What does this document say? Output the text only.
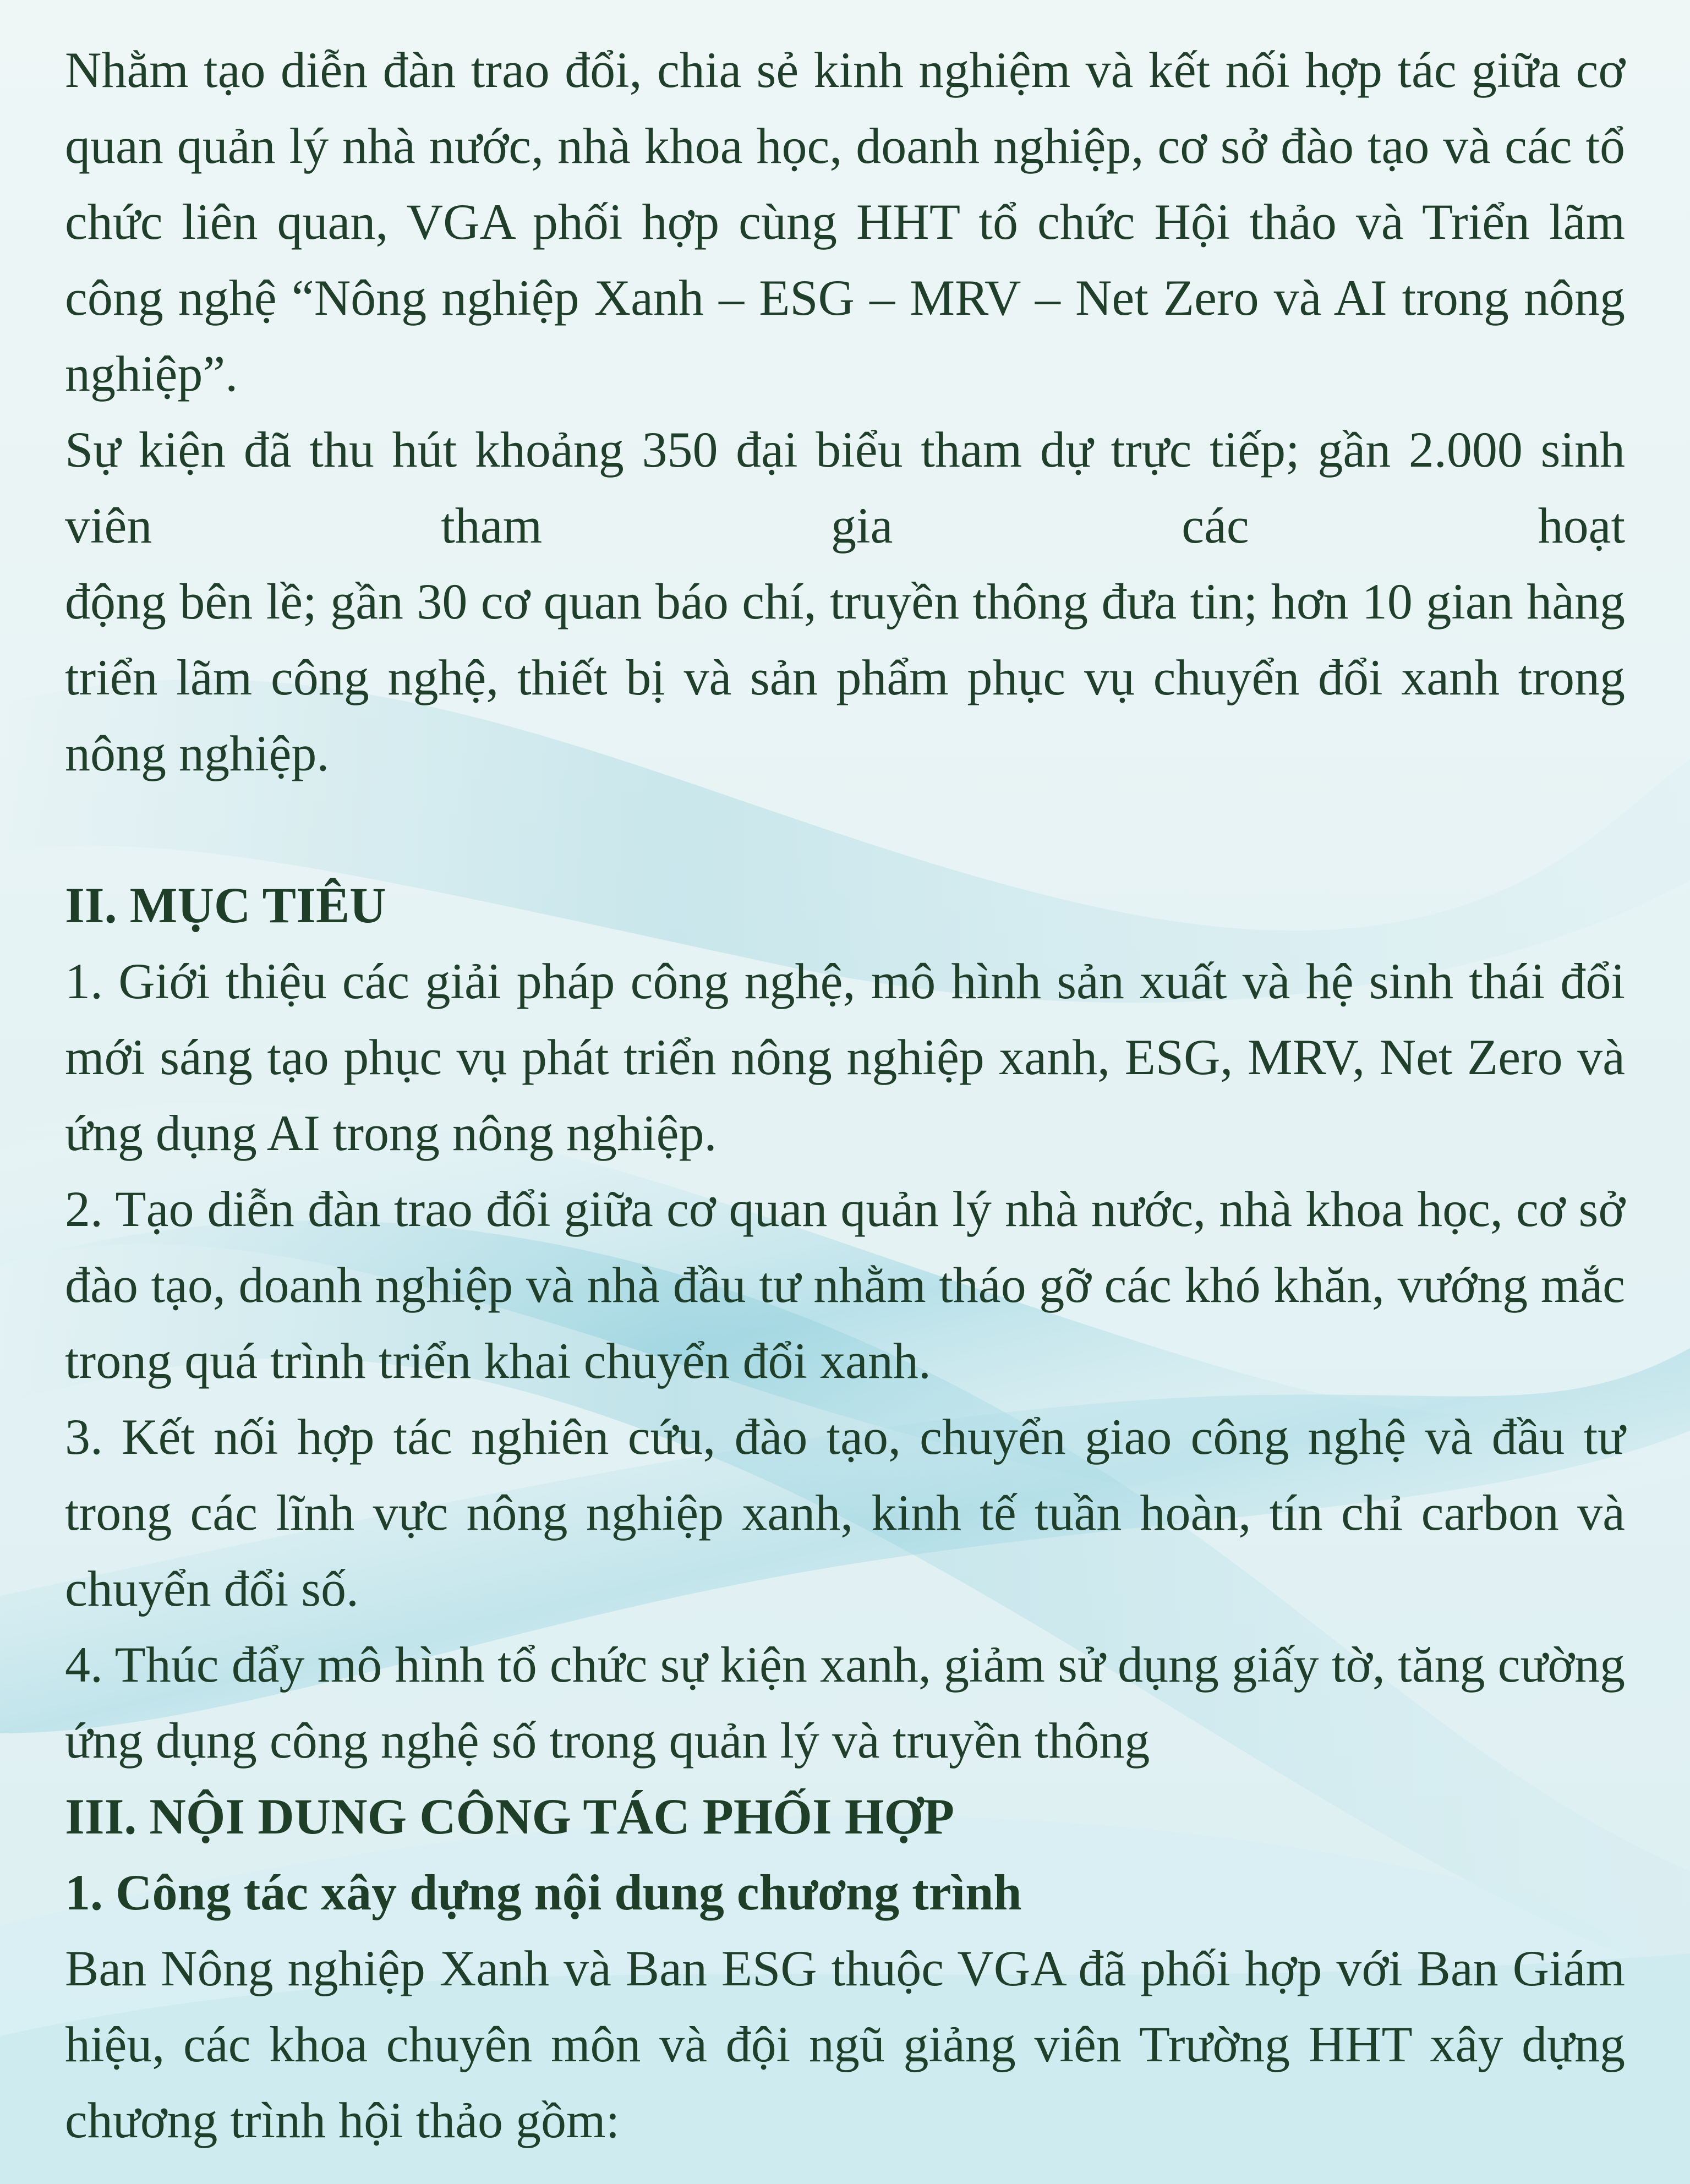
Nhằm tạo diễn đàn trao đổi, chia sẻ kinh nghiệm và kết nối hợp tác giữa cơ quan quản lý nhà nước, nhà khoa học, doanh nghiệp, cơ sở đào tạo và các tổ chức liên quan, VGA phối hợp cùng HHT tổ chức Hội thảo và Triển lãm công nghệ “Nông nghiệp Xanh – ESG – MRV – Net Zero và AI trong nông nghiệp”.

Sự kiện đã thu hút khoảng 350 đại biểu tham dự trực tiếp; gần 2.000 sinh viên tham gia các hoạt

động bên lề; gần 30 cơ quan báo chí, truyền thông đưa tin; hơn 10 gian hàng triển lãm công nghệ, thiết bị và sản phẩm phục vụ chuyển đổi xanh trong nông nghiệp.

II. MỤC TIÊU

1. Giới thiệu các giải pháp công nghệ, mô hình sản xuất và hệ sinh thái đổi mới sáng tạo phục vụ phát triển nông nghiệp xanh, ESG, MRV, Net Zero và ứng dụng AI trong nông nghiệp.

2. Tạo diễn đàn trao đổi giữa cơ quan quản lý nhà nước, nhà khoa học, cơ sở đào tạo, doanh nghiệp và nhà đầu tư nhằm tháo gỡ các khó khăn, vướng mắc trong quá trình triển khai chuyển đổi xanh.

3. Kết nối hợp tác nghiên cứu, đào tạo, chuyển giao công nghệ và đầu tư trong các lĩnh vực nông nghiệp xanh, kinh tế tuần hoàn, tín chỉ carbon và chuyển đổi số.

4. Thúc đẩy mô hình tổ chức sự kiện xanh, giảm sử dụng giấy tờ, tăng cường ứng dụng công nghệ số trong quản lý và truyền thông

III. NỘI DUNG CÔNG TÁC PHỐI HỢP

1. Công tác xây dựng nội dung chương trình

Ban Nông nghiệp Xanh và Ban ESG thuộc VGA đã phối hợp với Ban Giám hiệu, các khoa chuyên môn và đội ngũ giảng viên Trường HHT xây dựng chương trình hội thảo gồm:
